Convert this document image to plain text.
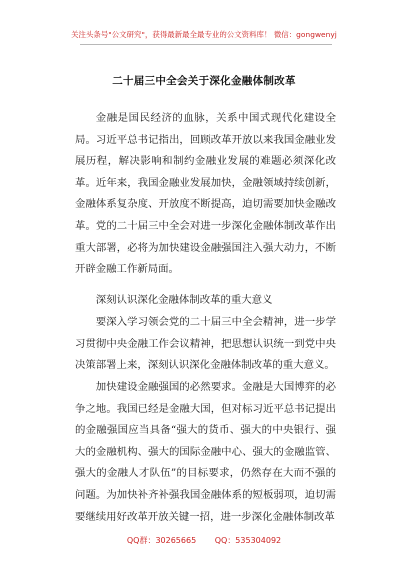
关注头条号"公文研究"，获得最新最全最专业的公文资料库！ 微信：gongwenyj
二十届三中全会关于深化金融体制改革

金融是国民经济的血脉，关系中国式现代化建设全局。习近平总书记指出，回顾改革开放以来我国金融业发展历程，解决影响和制约金融业发展的难题必须深化改革。近年来，我国金融业发展加快，金融领域持续创新，金融体系复杂度、开放度不断提高，迫切需要加快金融改革。党的二十届三中全会对进一步深化金融体制改革作出重大部署，必将为加快建设金融强国注入强大动力，不断开辟金融工作新局面。

深刻认识深化金融体制改革的重大意义

要深入学习领会党的二十届三中全会精神，进一步学习贯彻中央金融工作会议精神，把思想认识统一到党中央决策部署上来，深刻认识深化金融体制改革的重大意义。

加快建设金融强国的必然要求。金融是大国博弈的必争之地。我国已经是金融大国，但对标习近平总书记提出的金融强国应当具备“强大的货币、强大的中央银行、强大的金融机构、强大的国际金融中心、强大的金融监管、强大的金融人才队伍”的目标要求，仍然存在大而不强的问题。为加快补齐补强我国金融体系的短板弱项，迫切需要继续用好改革开放关键一招，进一步深化金融体制改革

QQ群：30265665 QQ：535304092
